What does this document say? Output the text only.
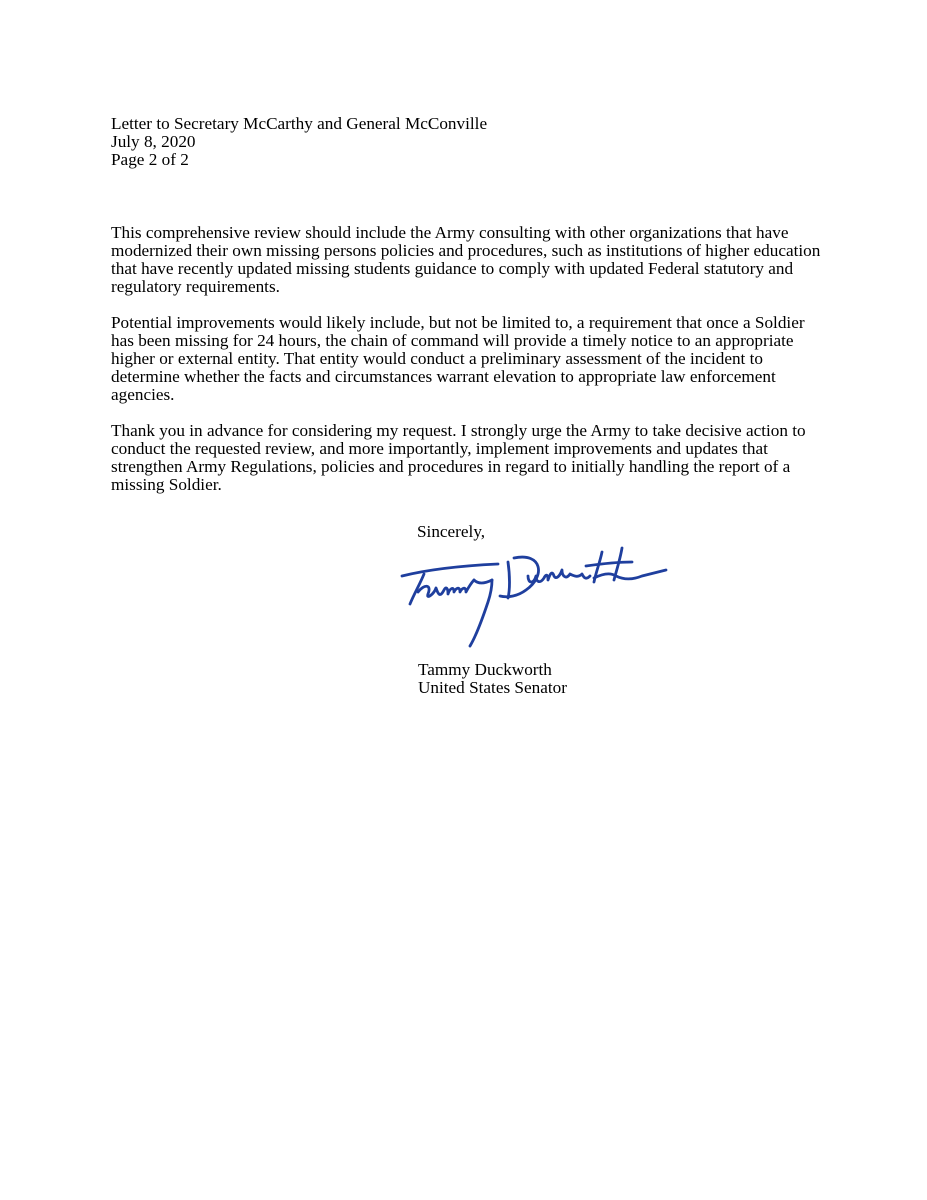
Letter to Secretary McCarthy and General McConville
July 8, 2020
Page 2 of 2

This comprehensive review should include the Army consulting with other organizations that have modernized their own missing persons policies and procedures, such as institutions of higher education that have recently updated missing students guidance to comply with updated Federal statutory and regulatory requirements.

Potential improvements would likely include, but not be limited to, a requirement that once a Soldier has been missing for 24 hours, the chain of command will provide a timely notice to an appropriate higher or external entity. That entity would conduct a preliminary assessment of the incident to determine whether the facts and circumstances warrant elevation to appropriate law enforcement agencies.

Thank you in advance for considering my request. I strongly urge the Army to take decisive action to conduct the requested review, and more importantly, implement improvements and updates that strengthen Army Regulations, policies and procedures in regard to initially handling the report of a missing Soldier.

Sincerely,
Tammy Duckworth
United States Senator
